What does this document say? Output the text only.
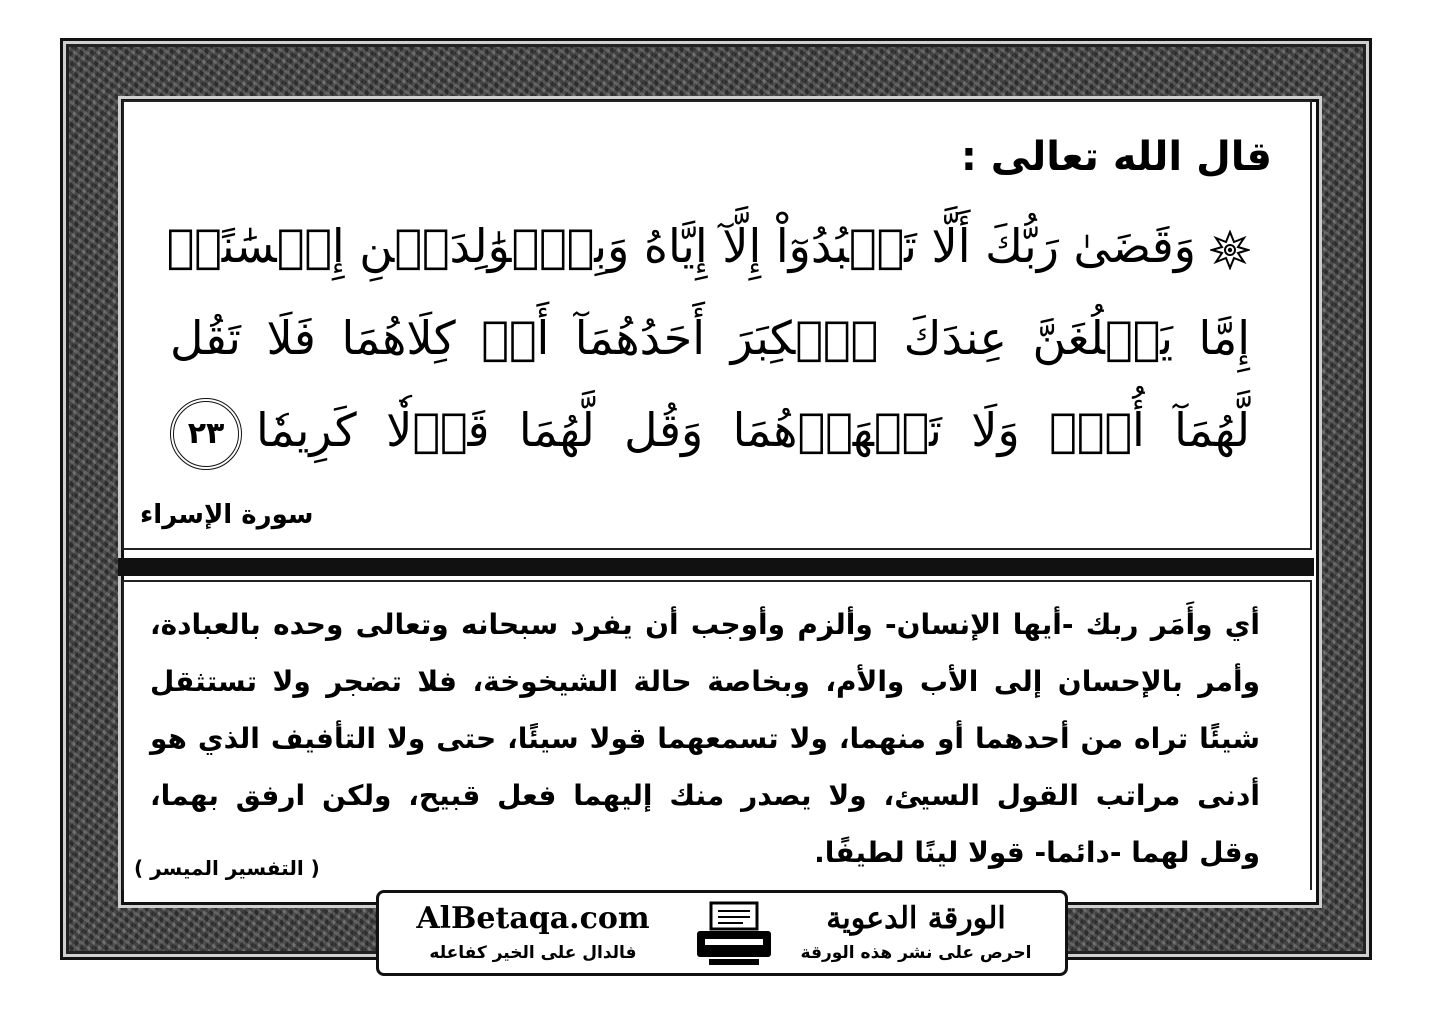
قال الله تعالى :
وَقَضَىٰ رَبُّكَ أَلَّا تَعۡبُدُوٓاْ إِلَّآ إِيَّاهُ وَبِٱلۡوَٰلِدَيۡنِ إِحۡسَٰنًاۚ
إِمَّا يَبۡلُغَنَّ عِندَكَ ٱلۡكِبَرَ أَحَدُهُمَآ أَوۡ كِلَاهُمَا فَلَا تَقُل
لَّهُمَآ أُفّٖ وَلَا تَنۡهَرۡهُمَا وَقُل لَّهُمَا قَوۡلٗا كَرِيمٗا٢٣

سورة الإسراء

أي وأَمَر ربك -أيها الإنسان- وألزم وأوجب أن يفرد سبحانه وتعالى وحده بالعبادة،
وأمر بالإحسان إلى الأب والأم، وبخاصة حالة الشيخوخة، فلا تضجر ولا تستثقل
شيئًا تراه من أحدهما أو منهما، ولا تسمعهما قولا سيئًا، حتى ولا التأفيف الذي هو
أدنى مراتب القول السيئ، ولا يصدر منك إليهما فعل قبيح، ولكن ارفق بهما،
وقل لهما -دائما- قولا لينًا لطيفًا.

( التفسير الميسر )

AlBetaqa.com
فالدال على الخير كفاعله
الورقة الدعوية
احرص على نشر هذه الورقة
